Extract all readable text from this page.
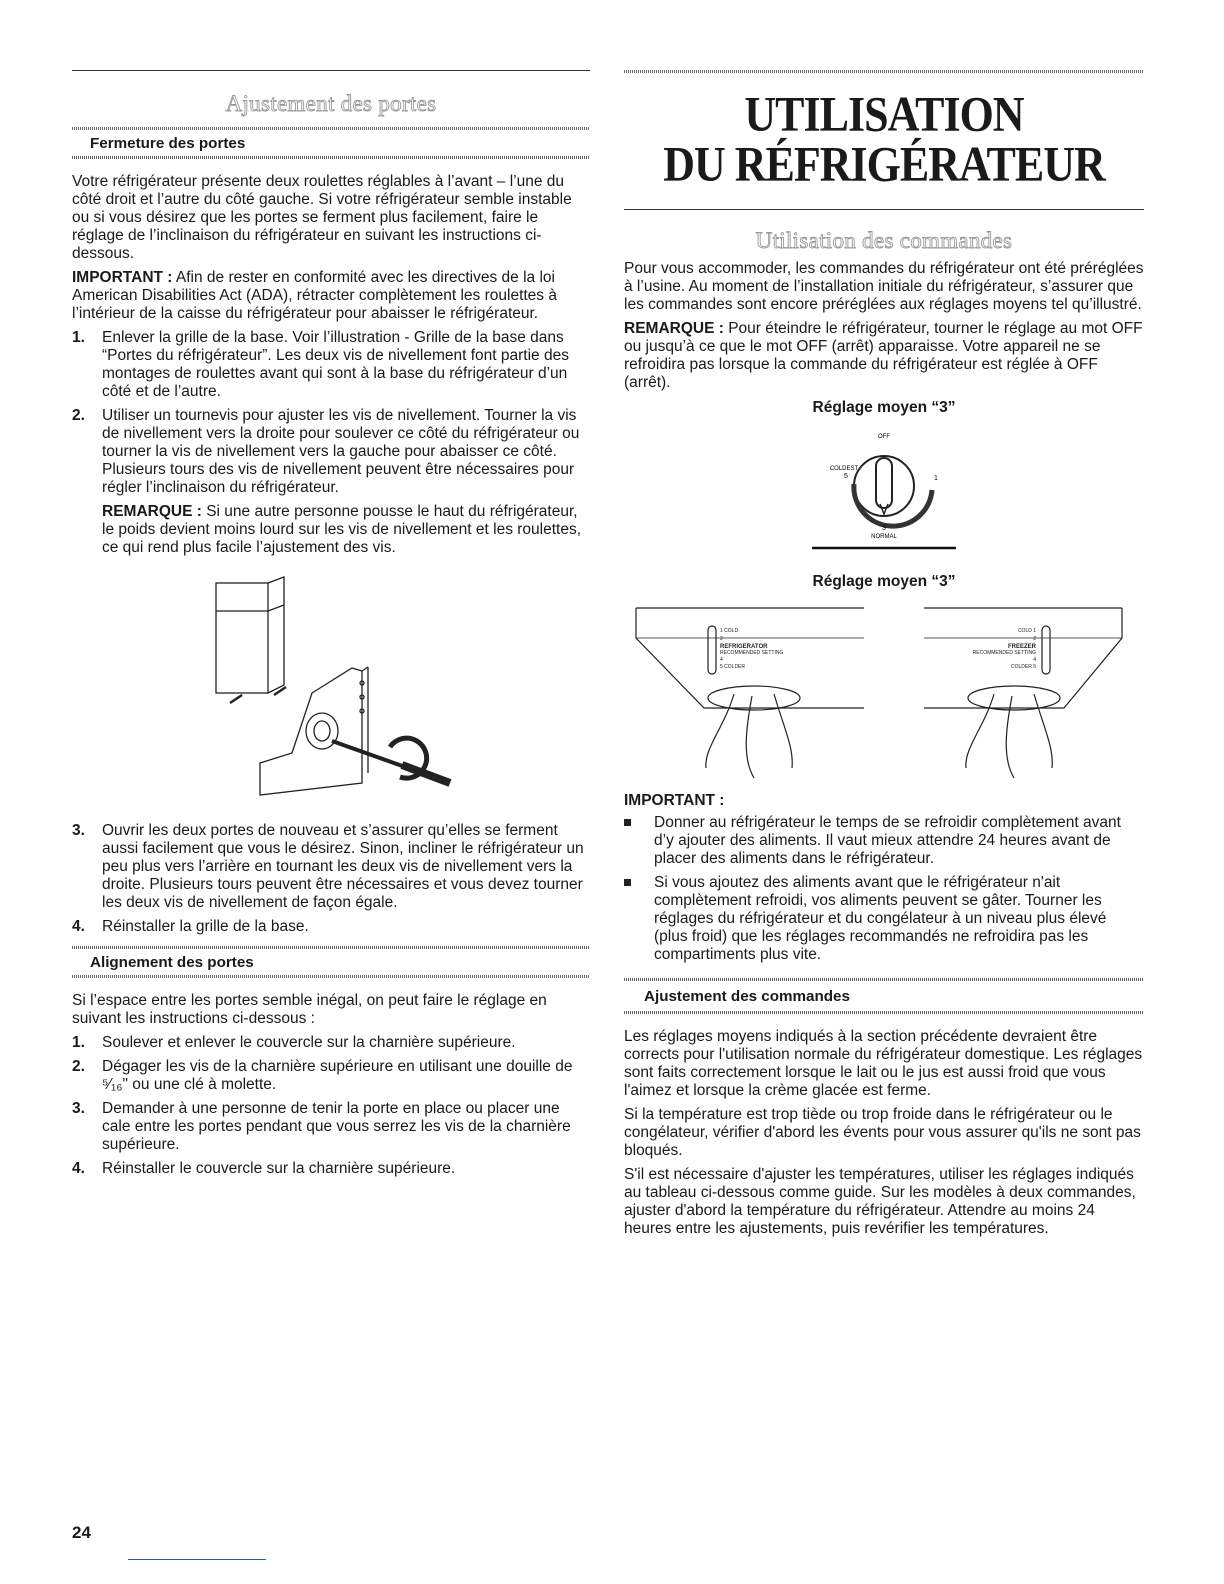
Ajustement des portes
Fermeture des portes

Votre réfrigérateur présente deux roulettes réglables à l’avant – l’une du côté droit et l’autre du côté gauche. Si votre réfrigérateur semble instable ou si vous désirez que les portes se ferment plus facilement, faire le réglage de l’inclinaison du réfrigérateur en suivant les instructions ci-dessous.

IMPORTANT : Afin de rester en conformité avec les directives de la loi American Disabilities Act (ADA), rétracter complètement les roulettes à l’intérieur de la caisse du réfrigérateur pour abaisser le réfrigérateur.

1. Enlever la grille de la base. Voir l’illustration - Grille de la base dans “Portes du réfrigérateur”. Les deux vis de nivellement font partie des montages de roulettes avant qui sont à la base du réfrigérateur d’un côté et de l’autre.
2. Utiliser un tournevis pour ajuster les vis de nivellement. Tourner la vis de nivellement vers la droite pour soulever ce côté du réfrigérateur ou tourner la vis de nivellement vers la gauche pour abaisser ce côté. Plusieurs tours des vis de nivellement peuvent être nécessaires pour régler l’inclinaison du réfrigérateur.

REMARQUE : Si une autre personne pousse le haut du réfrigérateur, le poids devient moins lourd sur les vis de nivellement et les roulettes, ce qui rend plus facile l’ajustement des vis.

3. Ouvrir les deux portes de nouveau et s’assurer qu’elles se ferment aussi facilement que vous le désirez. Sinon, incliner le réfrigérateur un peu plus vers l’arrière en tournant les deux vis de nivellement vers la droite. Plusieurs tours peuvent être nécessaires et vous devez tourner les deux vis de nivellement de façon égale.
4. Réinstaller la grille de la base.
Alignement des portes

Si l’espace entre les portes semble inégal, on peut faire le réglage en suivant les instructions ci-dessous :

1. Soulever et enlever le couvercle sur la charnière supérieure.
2. Dégager les vis de la charnière supérieure en utilisant une douille de ⁵⁄₁₆" ou une clé à molette.
3. Demander à une personne de tenir la porte en place ou placer une cale entre les portes pendant que vous serrez les vis de la charnière supérieure.
4. Réinstaller le couvercle sur la charnière supérieure.
UTILISATION
DU RÉFRIGÉRATEUR
Utilisation des commandes

Pour vous accommoder, les commandes du réfrigérateur ont été préréglées à l’usine. Au moment de l’installation initiale du réfrigérateur, s’assurer que les commandes sont encore préréglées aux réglages moyens tel qu’illustré.

REMARQUE : Pour éteindre le réfrigérateur, tourner le réglage au mot OFF ou jusqu’à ce que le mot OFF (arrêt) apparaisse. Votre appareil ne se refroidira pas lorsque la commande du réfrigérateur est réglée à OFF (arrêt).

Réglage moyen “3”
OFF
COLDEST
5	1
3
NORMAL
Réglage moyen “3”
1 COLD
2
REFRIGERATOR
RECOMMENDED SETTING
4
5 COLDER
COLD 1
2
FREEZER
RECOMMENDED SETTING
4
COLDER 5
IMPORTANT :
Donner au réfrigérateur le temps de se refroidir complètement avant d’y ajouter des aliments. Il vaut mieux attendre 24 heures avant de placer des aliments dans le réfrigérateur.
Si vous ajoutez des aliments avant que le réfrigérateur n'ait complètement refroidi, vos aliments peuvent se gâter. Tourner les réglages du réfrigérateur et du congélateur à un niveau plus élevé (plus froid) que les réglages recommandés ne refroidira pas les compartiments plus vite.
Ajustement des commandes

Les réglages moyens indiqués à la section précédente devraient être corrects pour l'utilisation normale du réfrigérateur domestique. Les réglages sont faits correctement lorsque le lait ou le jus est aussi froid que vous l'aimez et lorsque la crème glacée est ferme.

Si la température est trop tiède ou trop froide dans le réfrigérateur ou le congélateur, vérifier d'abord les évents pour vous assurer qu'ils ne sont pas bloqués.

S'il est nécessaire d'ajuster les températures, utiliser les réglages indiqués au tableau ci-dessous comme guide. Sur les modèles à deux commandes, ajuster d'abord la température du réfrigérateur. Attendre au moins 24 heures entre les ajustements, puis revérifier les températures.

24
